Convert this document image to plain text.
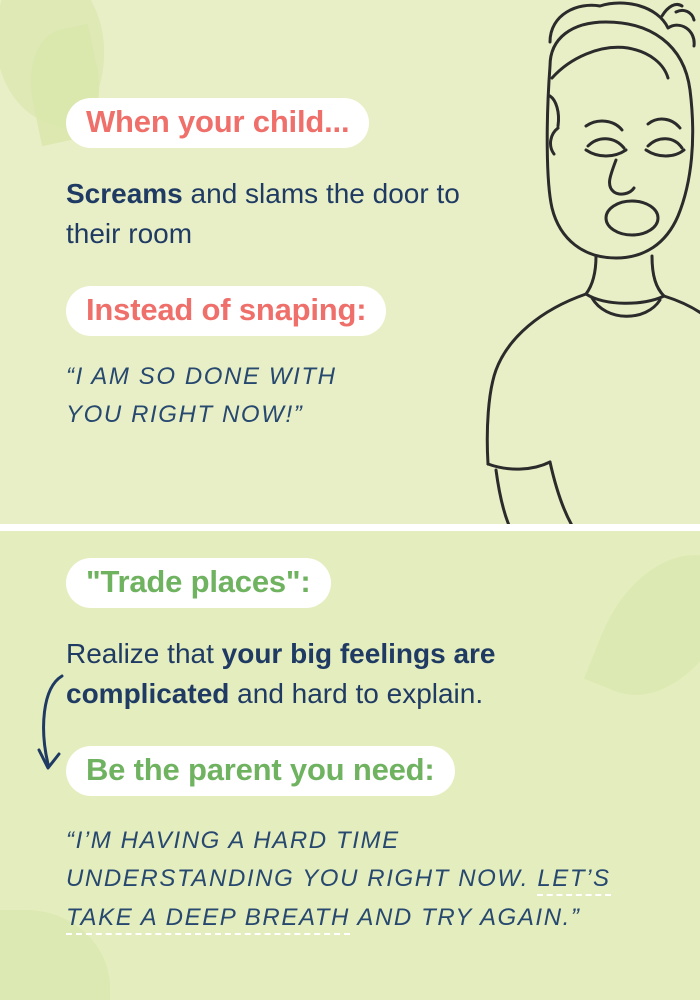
When your child...
Screams and slams the door to their room
Instead of snaping:
“I AM SO DONE WITH
YOU RIGHT NOW!”
"Trade places":
Realize that your big feelings are complicated and hard to explain.
Be the parent you need:
“I’M HAVING A HARD TIME
UNDERSTANDING YOU RIGHT NOW. LET’S
TAKE A DEEP BREATH AND TRY AGAIN.”
